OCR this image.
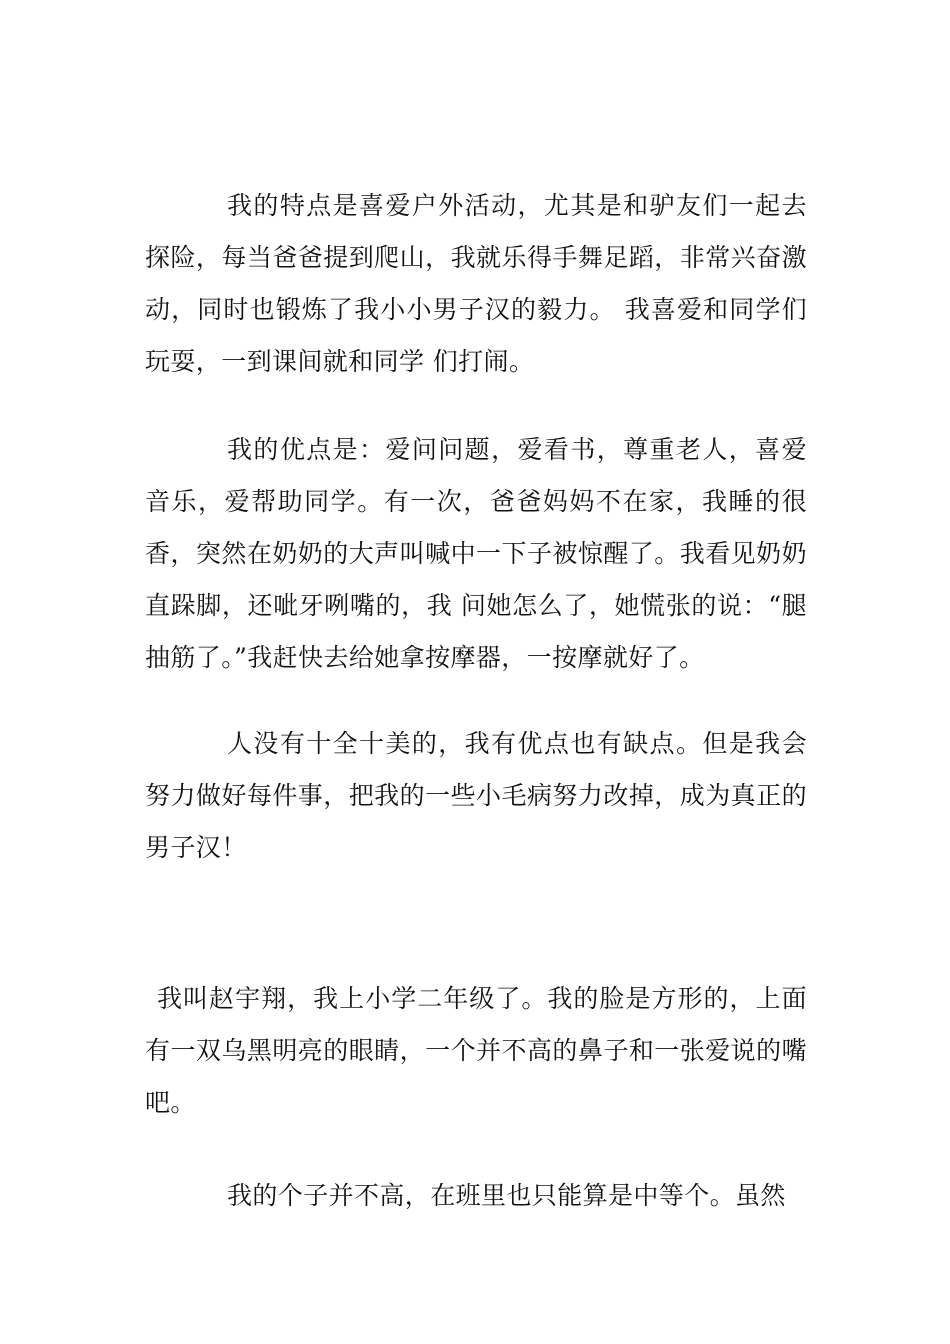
我的特点是喜爱户外活动，尤其是和驴友们一起去探险，每当爸爸提到爬山，我就乐得手舞足蹈，非常兴奋激动，同时也锻炼了我小小男子汉的毅力。 我喜爱和同学们玩耍，一到课间就和同学 们打闹。

我的优点是：爱问问题，爱看书，尊重老人，喜爱音乐，爱帮助同学。有一次，爸爸妈妈不在家，我睡的很香，突然在奶奶的大声叫喊中一下子被惊醒了。我看见奶奶直跺脚，还呲牙咧嘴的，我 问她怎么了，她慌张的说：“腿抽筋了。”我赶快去给她拿按摩器，一按摩就好了。

人没有十全十美的，我有优点也有缺点。但是我会努力做好每件事，把我的一些小毛病努力改掉，成为真正的男子汉！

我叫赵宇翔，我上小学二年级了。我的脸是方形的，上面有一双乌黑明亮的眼睛，一个并不高的鼻子和一张爱说的嘴吧。

我的个子并不高，在班里也只能算是中等个。虽然
